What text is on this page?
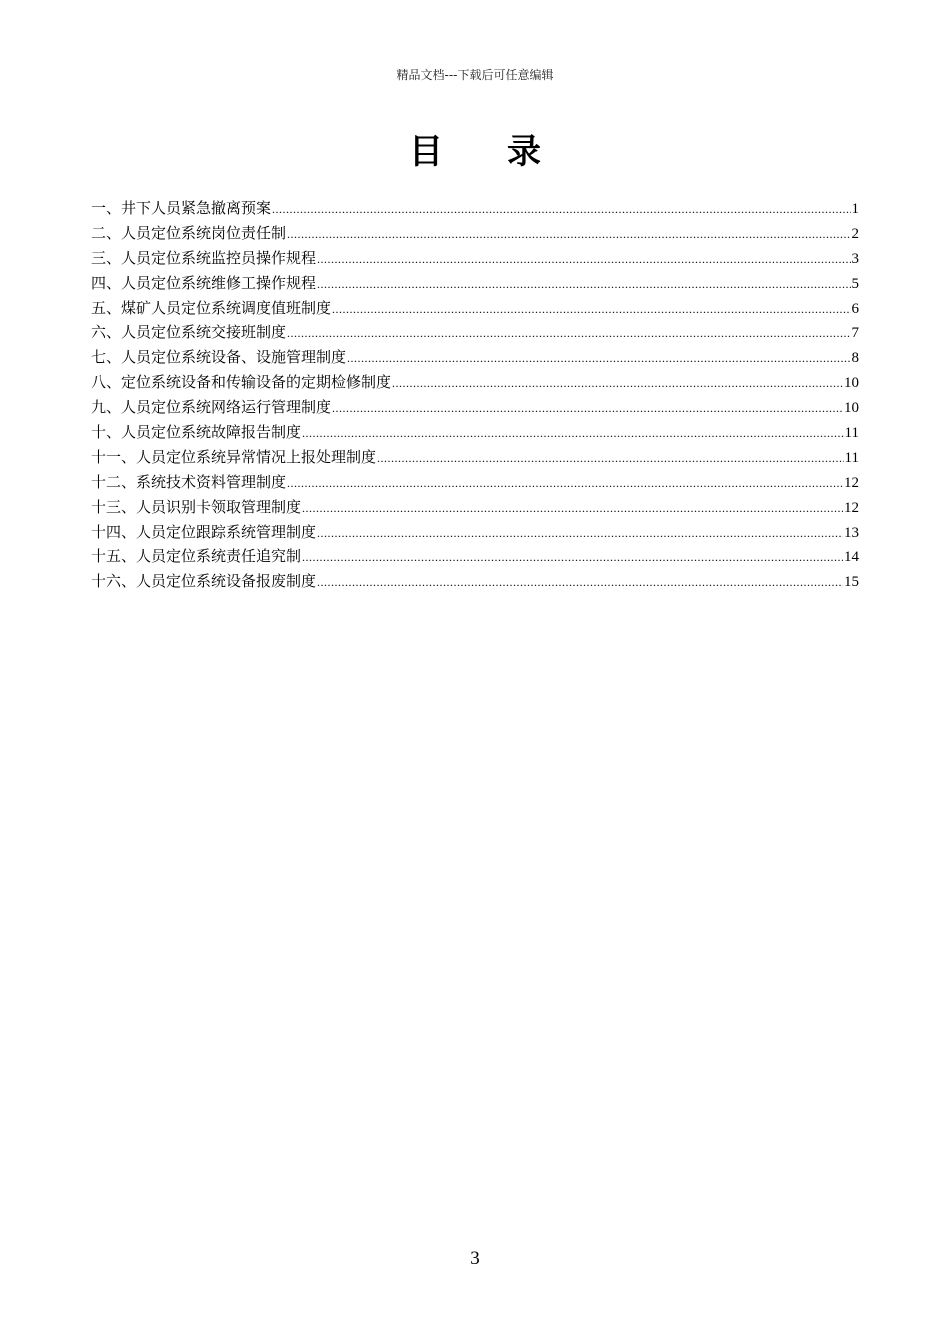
精品文档---下载后可任意编辑
目录
一、井下人员紧急撤离预案 .....	1
二、人员定位系统岗位责任制 .....	2
三、人员定位系统监控员操作规程 .....	3
四、人员定位系统维修工操作规程 .....	5
五、煤矿人员定位系统调度值班制度 .....	6
六、人员定位系统交接班制度 .....	7
七、人员定位系统设备、设施管理制度 .....	8
八、定位系统设备和传输设备的定期检修制度 .....	10
九、人员定位系统网络运行管理制度 .....	10
十、人员定位系统故障报告制度 .....	11
十一、人员定位系统异常情况上报处理制度 .....	11
十二、系统技术资料管理制度 .....	12
十三、人员识别卡领取管理制度 .....	12
十四、人员定位跟踪系统管理制度 .....	13
十五、人员定位系统责任追究制 .....	14
十六、人员定位系统设备报废制度 .....	15
3
